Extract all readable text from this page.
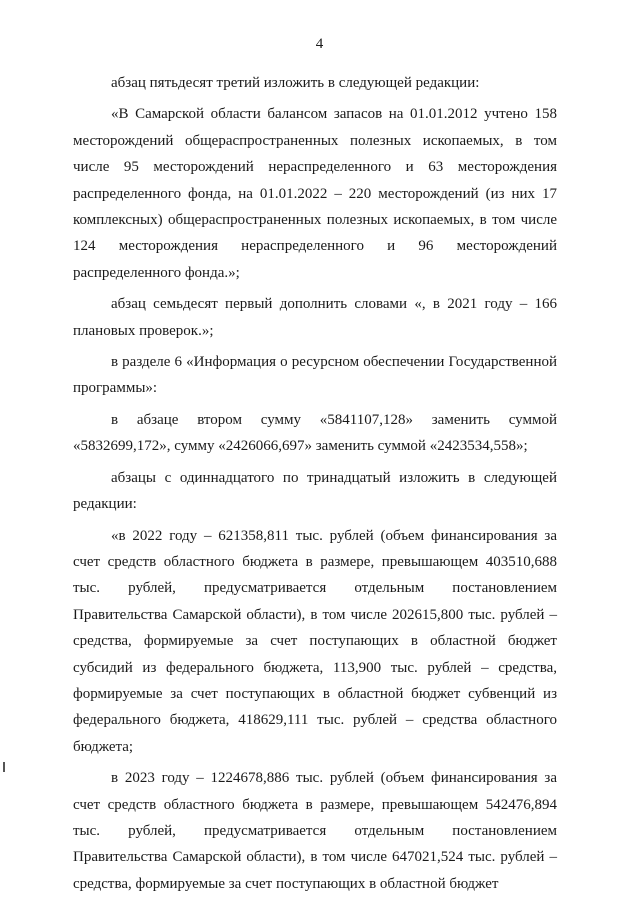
4

абзац пятьдесят третий изложить в следующей редакции:

«В Самарской области балансом запасов на 01.01.2012 учтено 158 месторождений общераспространенных полезных ископаемых, в том числе 95 месторождений нераспределенного и 63 месторождения распределенного фонда, на 01.01.2022 – 220 месторождений (из них 17 комплексных) общераспространенных полезных ископаемых, в том числе 124 месторождения нераспределенного и 96 месторождений распределенного фонда.»;

абзац семьдесят первый дополнить словами «, в 2021 году – 166 плановых проверок.»;

в разделе 6 «Информация о ресурсном обеспечении Государственной программы»:

в абзаце втором сумму «5841107,128» заменить суммой «5832699,172», сумму «2426066,697» заменить суммой «2423534,558»;

абзацы с одиннадцатого по тринадцатый изложить в следующей редакции:

«в 2022 году – 621358,811 тыс. рублей (объем финансирования за счет средств областного бюджета в размере, превышающем 403510,688 тыс. рублей, предусматривается отдельным постановлением Правительства Самарской области), в том числе 202615,800 тыс. рублей – средства, формируемые за счет поступающих в областной бюджет субсидий из федерального бюджета, 113,900 тыс. рублей – средства, формируемые за счет поступающих в областной бюджет субвенций из федерального бюджета, 418629,111 тыс. рублей – средства областного бюджета;

в 2023 году – 1224678,886 тыс. рублей (объем финансирования за счет средств областного бюджета в размере, превышающем 542476,894 тыс. рублей, предусматривается отдельным постановлением Правительства Самарской области), в том числе 647021,524 тыс. рублей – средства, формируемые за счет поступающих в областной бюджет
